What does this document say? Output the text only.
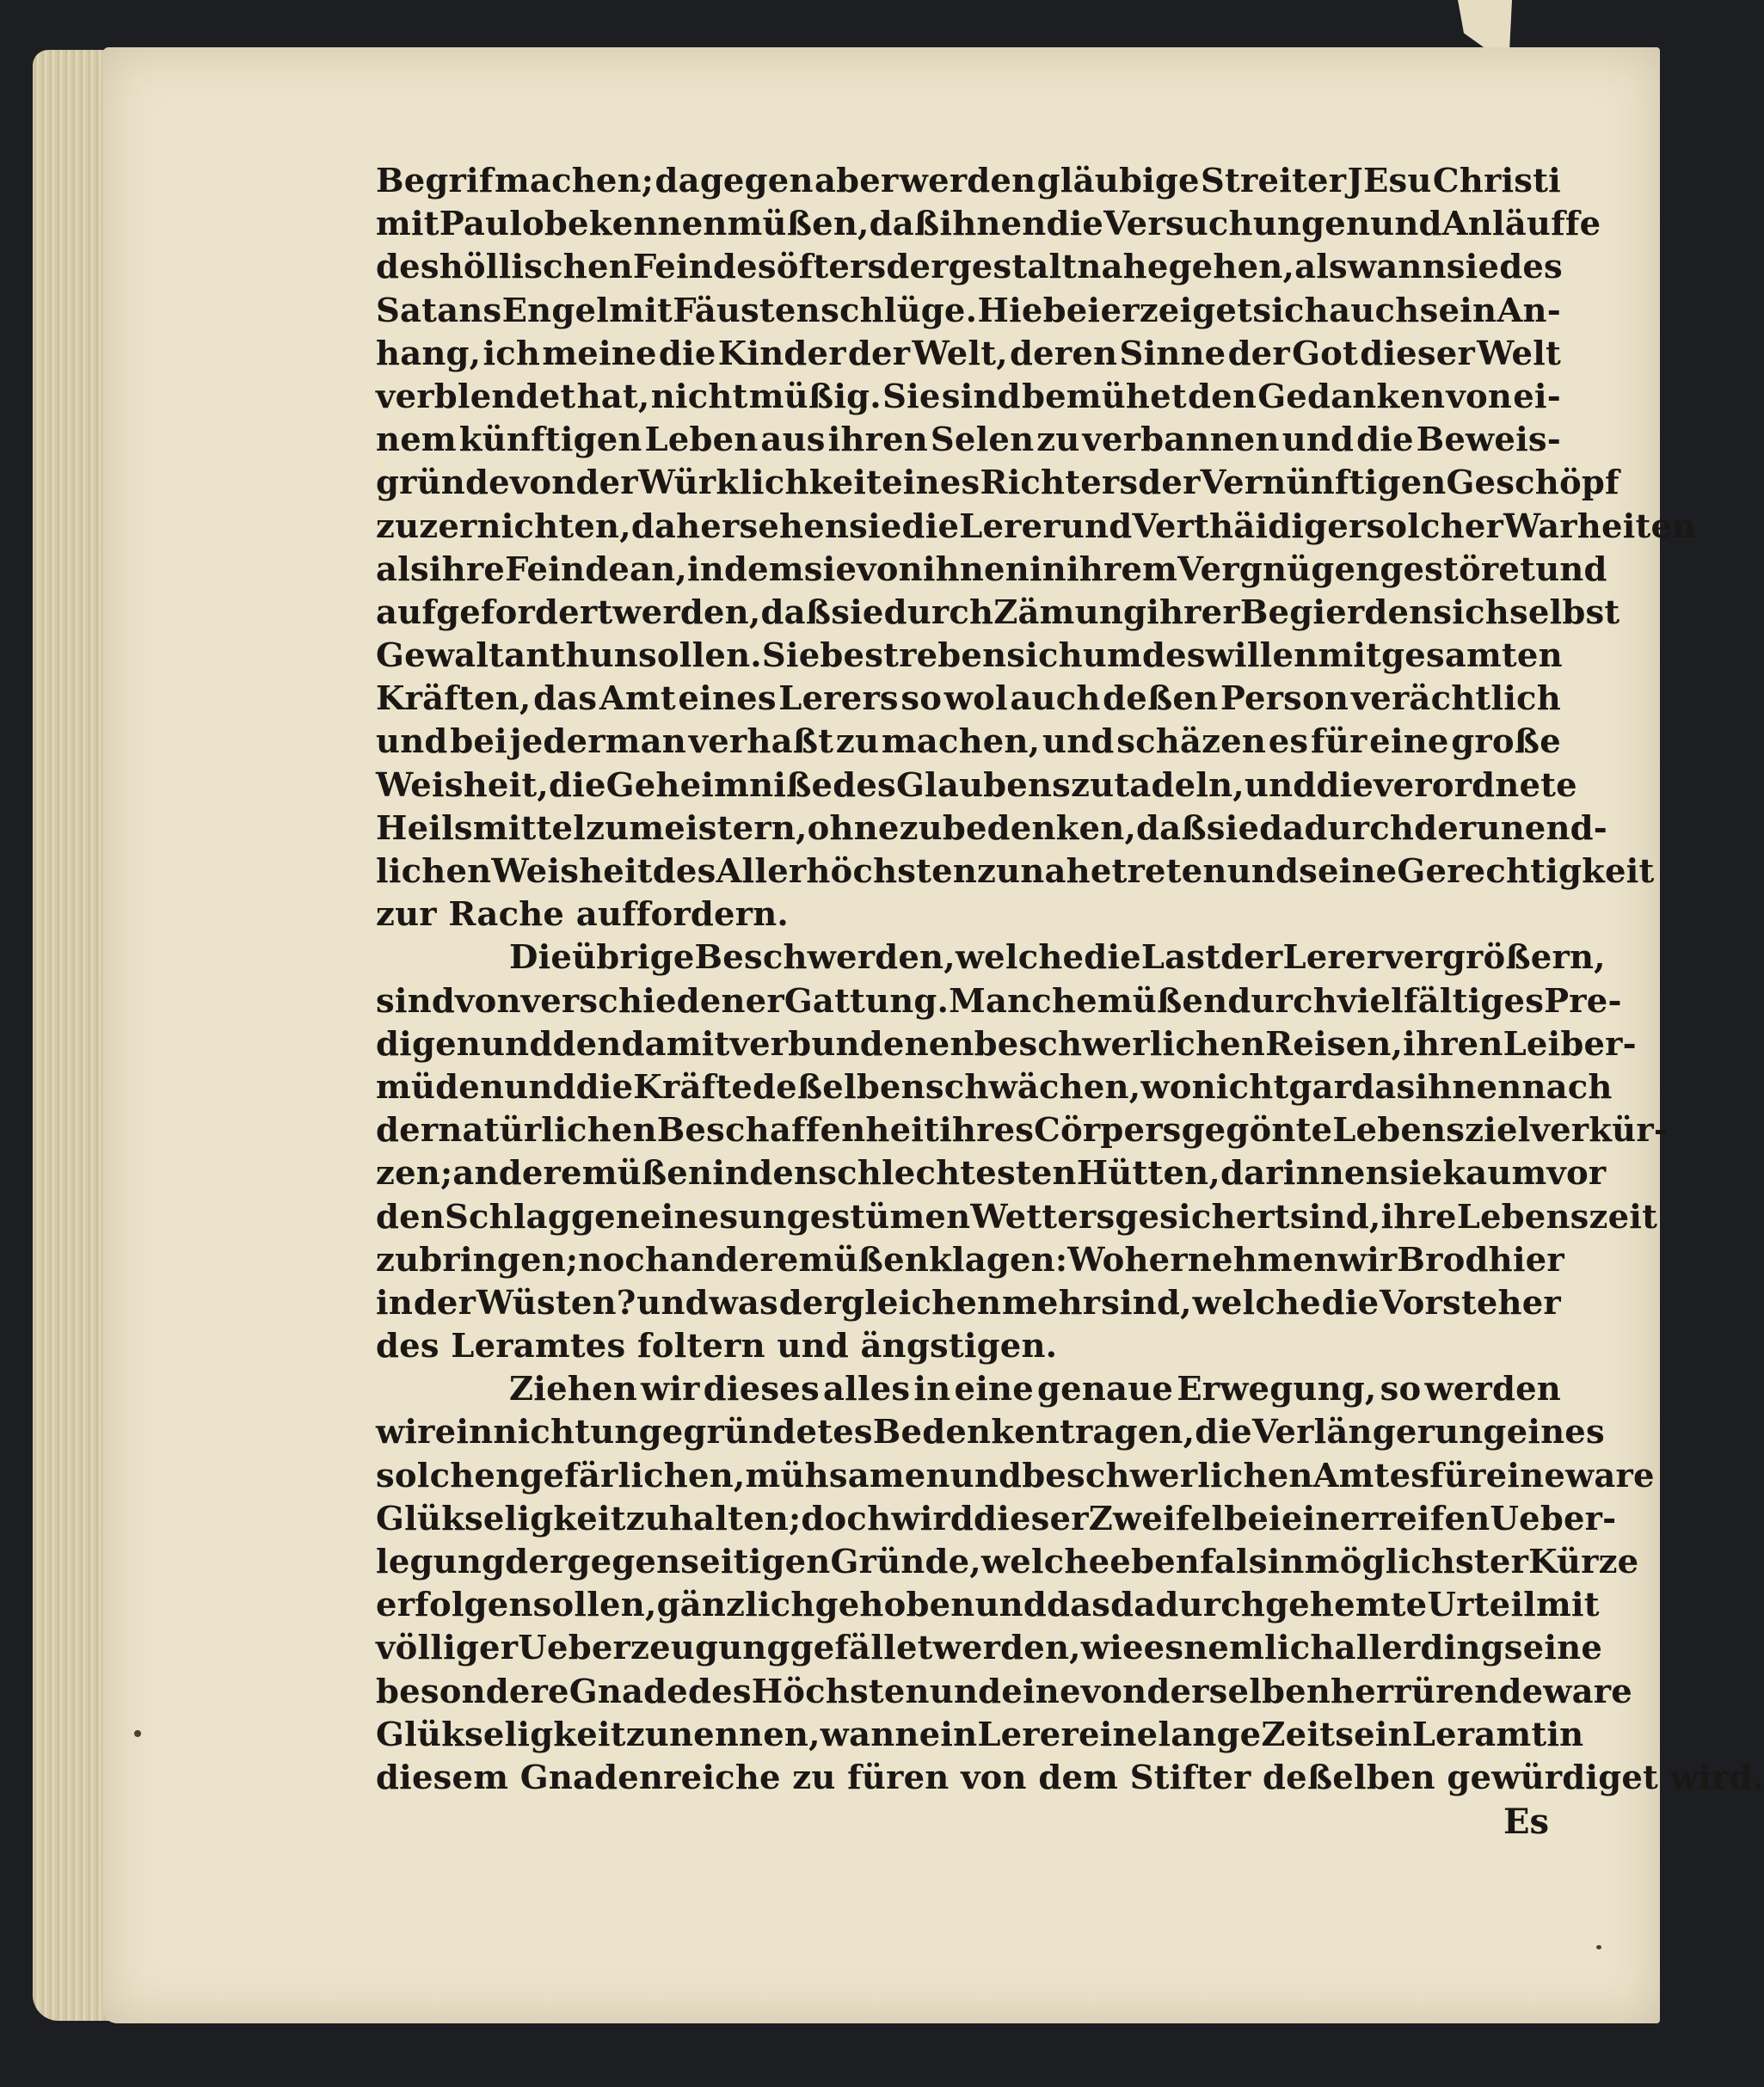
Begrif machen; dagegen aber werden gläubige Streiter JEsu Christi
mit Paulo bekennen müßen, daß ihnen die Versuchungen und Anläuffe
des höllischen Feindes öfters dergestalt nahe gehen, als wann sie des
Satans Engel mit Fäusten schlüge. Hiebei erzeiget sich auch sein An-
hang, ich meine die Kinder der Welt, deren Sinne der Got dieser Welt
verblendet hat, nicht müßig. Sie sind bemühet den Gedanken von ei-
nem künftigen Leben aus ihren Selen zu verbannen und die Beweis-
gründe von der Würklichkeit eines Richters der Vernünftigen Geschöpf
zu zernichten, daher sehen sie die Lerer und Verthäidiger solcher Warheiten
als ihre Feinde an, indem sie von ihnen in ihrem Vergnügen gestöret und
aufgefordert werden, daß sie durch Zämung ihrer Begierden sich selbst
Gewalt an thun sollen. Sie bestreben sich um deswillen mit gesamten
Kräften, das Amt eines Lerers so wol auch deßen Person verächtlich
und bei jederman verhaßt zu machen, und schäzen es für eine große
Weisheit, die Geheimniße des Glaubens zu tadeln, und die verordnete
Heilsmittel zu meistern, ohne zu bedenken, daß sie dadurch der unend-
lichen Weisheit des Allerhöchsten zu nahe treten und seine Gerechtigkeit
zur Rache auffordern.
Die übrige Beschwerden, welche die Last der Lerer vergrößern,
sind von verschiedener Gattung. Manche müßen durch vielfältiges Pre-
digen und den damit verbundenen beschwerlichen Reisen, ihren Leib er-
müden und die Kräfte deßelben schwächen, wo nicht gar das ihnen nach
der natürlichen Beschaffenheit ihres Cörpers gegönte Lebensziel verkür-
zen; andere müßen in den schlechtesten Hütten, darinnen sie kaum vor
den Schlaggen eines ungestümen Wetters gesichert sind, ihre Lebenszeit
zubringen; noch andere müßen klagen: Woher nehmen wir Brod hier
in der Wüsten? und was dergleichen mehr sind, welche die Vorsteher
des Leramtes foltern und ängstigen.
Ziehen wir dieses alles in eine genaue Erwegung, so werden
wir ein nicht ungegründetes Bedenken tragen, die Verlängerung eines
solchen gefärlichen, mühsamen und beschwerlichen Amtes für eine ware
Glükseligkeit zu halten; doch wird dieser Zweifel bei einer reifen Ueber-
legung der gegenseitigen Gründe, welche ebenfals in möglichster Kürze
erfolgen sollen, gänzlich gehoben und das dadurch gehemte Urteil mit
völliger Ueberzeugung gefället werden, wie es nemlich allerdings eine
besondere Gnade des Höchsten und eine von derselben herrürende ware
Glükseligkeit zu nennen, wann ein Lerer eine lange Zeit sein Leramt in
diesem Gnadenreiche zu füren von dem Stifter deßelben gewürdiget wird.
Es
